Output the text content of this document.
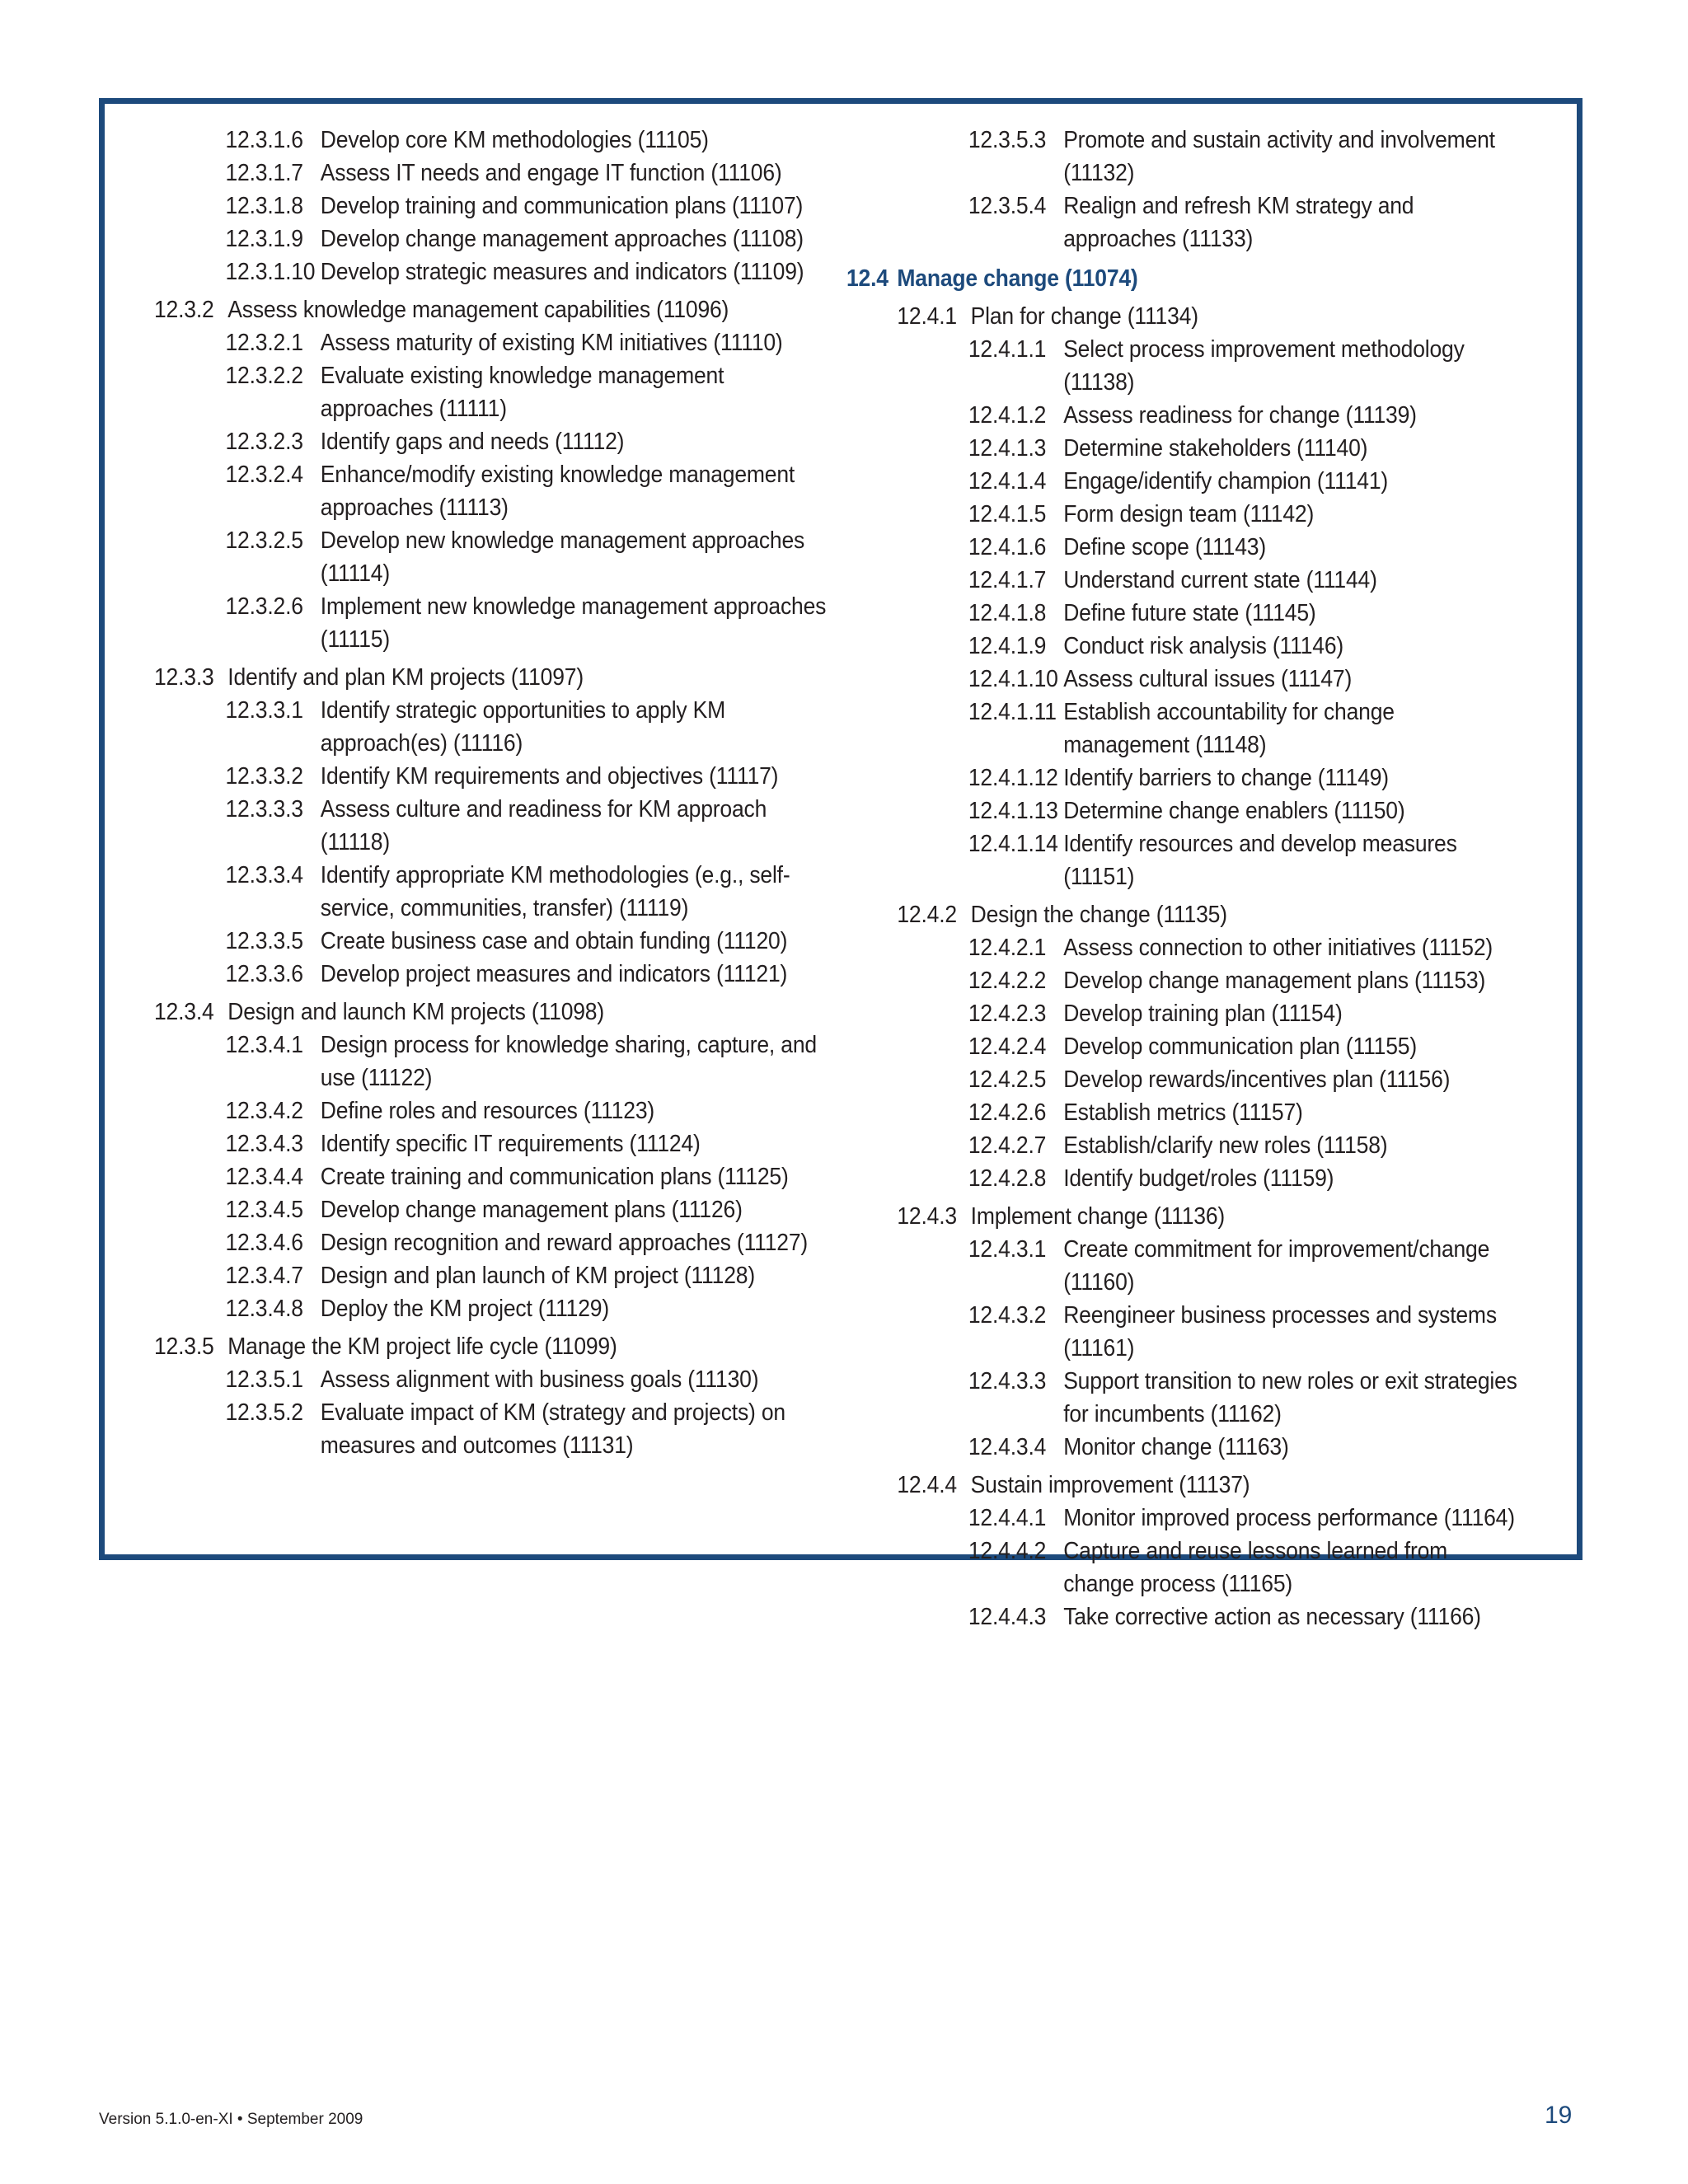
12.3.1.6 Develop core KM methodologies (11105)
12.3.1.7 Assess IT needs and engage IT function (11106)
12.3.1.8 Develop training and communication plans (11107)
12.3.1.9 Develop change management approaches (11108)
12.3.1.10 Develop strategic measures and indicators (11109)
12.3.2 Assess knowledge management capabilities (11096)
12.3.2.1 Assess maturity of existing KM initiatives (11110)
12.3.2.2 Evaluate existing knowledge management approaches (11111)
12.3.2.3 Identify gaps and needs (11112)
12.3.2.4 Enhance/modify existing knowledge management approaches (11113)
12.3.2.5 Develop new knowledge management approaches (11114)
12.3.2.6 Implement new knowledge management approaches (11115)
12.3.3 Identify and plan KM projects (11097)
12.3.3.1 Identify strategic opportunities to apply KM approach(es) (11116)
12.3.3.2 Identify KM requirements and objectives (11117)
12.3.3.3 Assess culture and readiness for KM approach (11118)
12.3.3.4 Identify appropriate KM methodologies (e.g., self-service, communities, transfer) (11119)
12.3.3.5 Create business case and obtain funding (11120)
12.3.3.6 Develop project measures and indicators (11121)
12.3.4 Design and launch KM projects (11098)
12.3.4.1 Design process for knowledge sharing, capture, and use (11122)
12.3.4.2 Define roles and resources (11123)
12.3.4.3 Identify specific IT requirements (11124)
12.3.4.4 Create training and communication plans (11125)
12.3.4.5 Develop change management plans (11126)
12.3.4.6 Design recognition and reward approaches (11127)
12.3.4.7 Design and plan launch of KM project (11128)
12.3.4.8 Deploy the KM project (11129)
12.3.5 Manage the KM project life cycle (11099)
12.3.5.1 Assess alignment with business goals (11130)
12.3.5.2 Evaluate impact of KM (strategy and projects) on measures and outcomes (11131)
12.3.5.3 Promote and sustain activity and involvement (11132)
12.3.5.4 Realign and refresh KM strategy and approaches (11133)
12.4 Manage change (11074)
12.4.1 Plan for change (11134)
12.4.1.1 Select process improvement methodology (11138)
12.4.1.2 Assess readiness for change (11139)
12.4.1.3 Determine stakeholders (11140)
12.4.1.4 Engage/identify champion (11141)
12.4.1.5 Form design team (11142)
12.4.1.6 Define scope (11143)
12.4.1.7 Understand current state (11144)
12.4.1.8 Define future state (11145)
12.4.1.9 Conduct risk analysis (11146)
12.4.1.10 Assess cultural issues (11147)
12.4.1.11 Establish accountability for change management (11148)
12.4.1.12 Identify barriers to change (11149)
12.4.1.13 Determine change enablers (11150)
12.4.1.14 Identify resources and develop measures (11151)
12.4.2 Design the change (11135)
12.4.2.1 Assess connection to other initiatives (11152)
12.4.2.2 Develop change management plans (11153)
12.4.2.3 Develop training plan (11154)
12.4.2.4 Develop communication plan (11155)
12.4.2.5 Develop rewards/incentives plan (11156)
12.4.2.6 Establish metrics (11157)
12.4.2.7 Establish/clarify new roles (11158)
12.4.2.8 Identify budget/roles (11159)
12.4.3 Implement change (11136)
12.4.3.1 Create commitment for improvement/change (11160)
12.4.3.2 Reengineer business processes and systems (11161)
12.4.3.3 Support transition to new roles or exit strategies for incumbents (11162)
12.4.3.4 Monitor change (11163)
12.4.4 Sustain improvement (11137)
12.4.4.1 Monitor improved process performance (11164)
12.4.4.2 Capture and reuse lessons learned from change process (11165)
12.4.4.3 Take corrective action as necessary (11166)
Version 5.1.0-en-XI • September 2009	19
